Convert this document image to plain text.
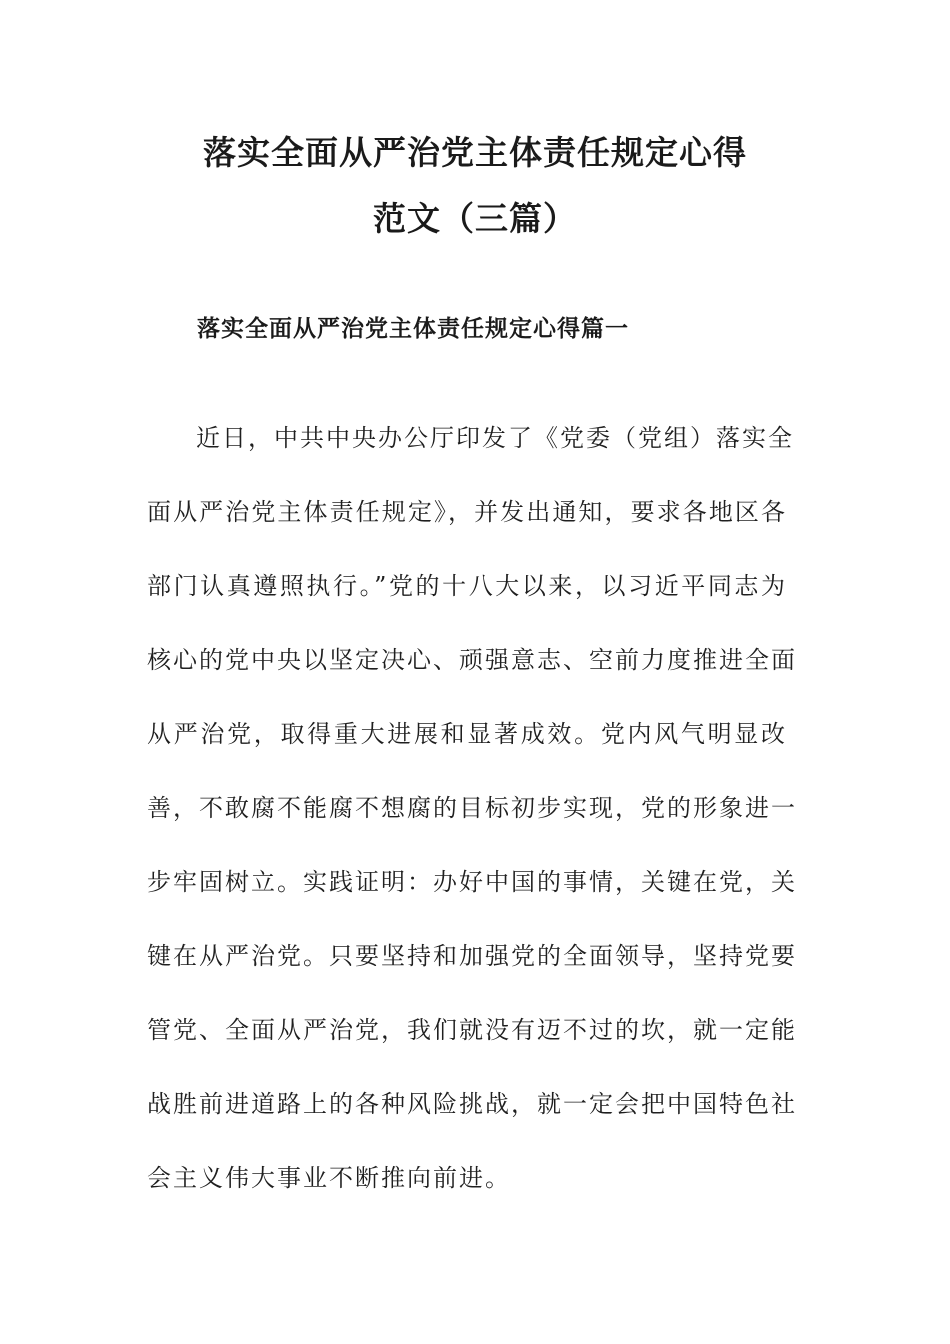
落实全面从严治党主体责任规定心得
范文（三篇）
落实全面从严治党主体责任规定心得篇一
近日，中共中央办公厅印发了《党委（党组）落实全
面从严治党主体责任规定》，并发出通知，要求各地区各
部门认真遵照执行。”党的十八大以来，以习近平同志为
核心的党中央以坚定决心、顽强意志、空前力度推进全面
从严治党，取得重大进展和显著成效。党内风气明显改
善，不敢腐不能腐不想腐的目标初步实现，党的形象进一
步牢固树立。实践证明：办好中国的事情，关键在党，关
键在从严治党。只要坚持和加强党的全面领导，坚持党要
管党、全面从严治党，我们就没有迈不过的坎，就一定能
战胜前进道路上的各种风险挑战，就一定会把中国特色社
会主义伟大事业不断推向前进。
